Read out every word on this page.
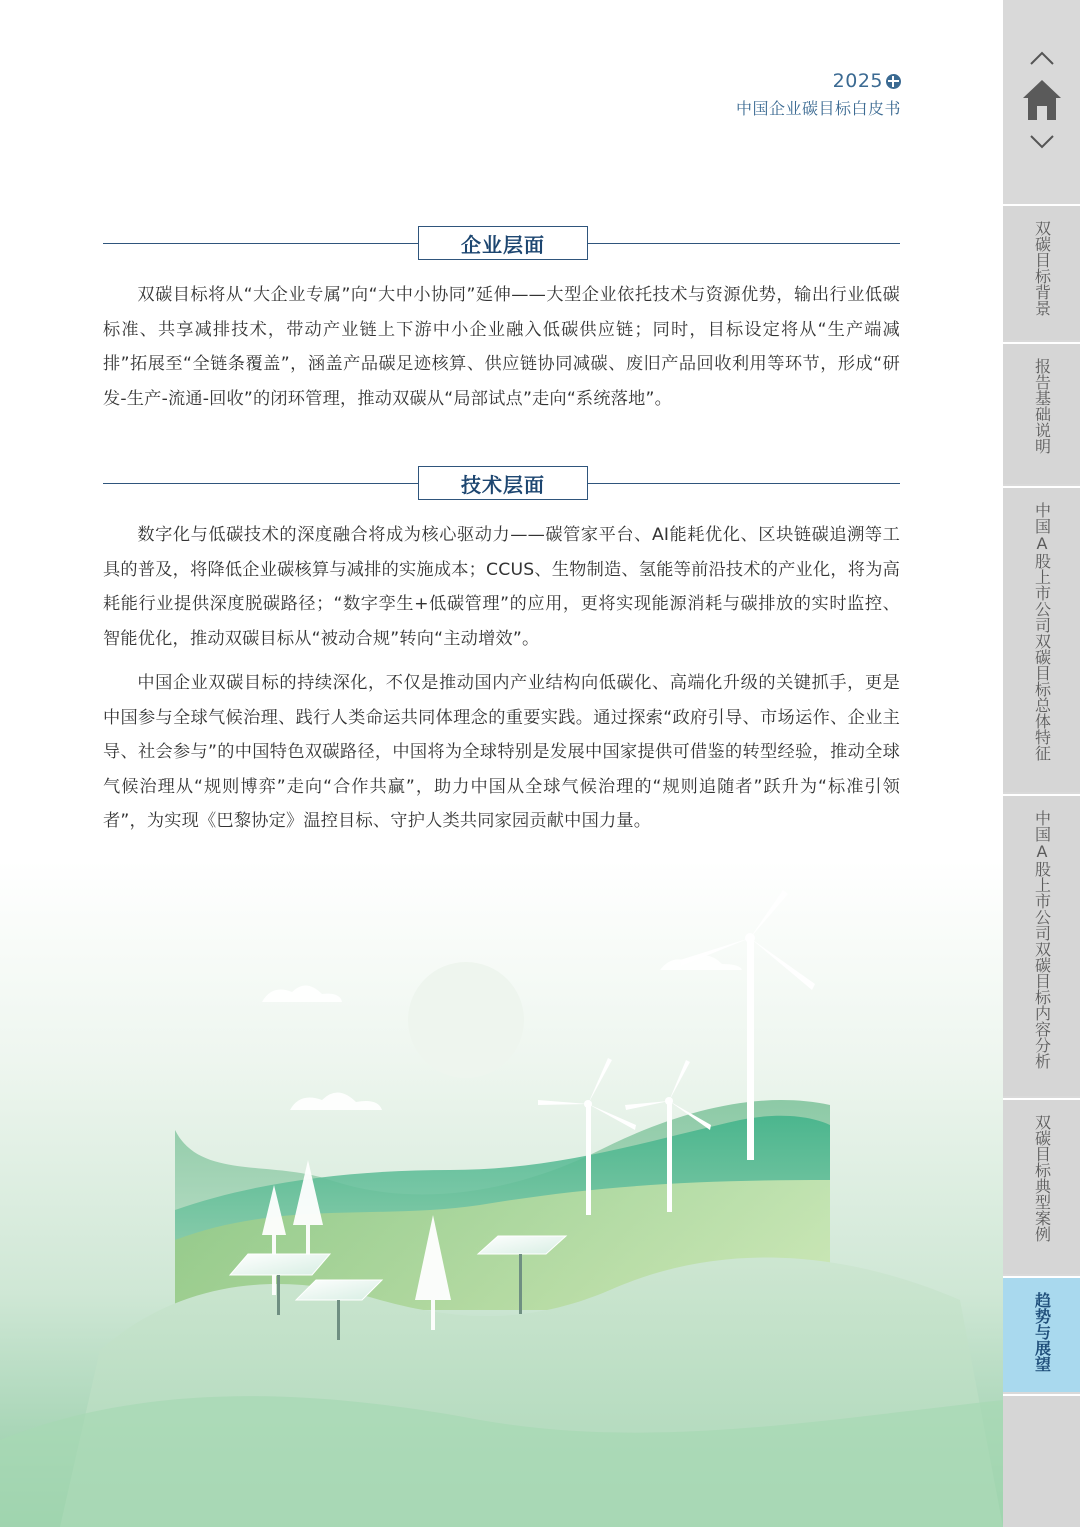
2025
中国企业碳目标白皮书
企业层面

双碳目标将从“大企业专属”向“大中小协同”延伸——大型企业依托技术与资源优势，输出行业低碳标准、共享减排技术，带动产业链上下游中小企业融入低碳供应链；同时，目标设定将从“生产端减排”拓展至“全链条覆盖”，涵盖产品碳足迹核算、供应链协同减碳、废旧产品回收利用等环节，形成“研发-生产-流通-回收”的闭环管理，推动双碳从“局部试点”走向“系统落地”。

技术层面

数字化与低碳技术的深度融合将成为核心驱动力——碳管家平台、AI能耗优化、区块链碳追溯等工具的普及，将降低企业碳核算与减排的实施成本；CCUS、生物制造、氢能等前沿技术的产业化，将为高耗能行业提供深度脱碳路径；“数字孪生+低碳管理”的应用，更将实现能源消耗与碳排放的实时监控、智能优化，推动双碳目标从“被动合规”转向“主动增效”。

中国企业双碳目标的持续深化，不仅是推动国内产业结构向低碳化、高端化升级的关键抓手，更是中国参与全球气候治理、践行人类命运共同体理念的重要实践。通过探索“政府引导、市场运作、企业主导、社会参与”的中国特色双碳路径，中国将为全球特别是发展中国家提供可借鉴的转型经验，推动全球气候治理从“规则博弈”走向“合作共赢”，助力中国从全球气候治理的“规则追随者”跃升为“标准引领者”，为实现《巴黎协定》温控目标、守护人类共同家园贡献中国力量。

双碳目标背景
报告基础说明
中国A股上市公司双碳目标总体特征
中国A股上市公司双碳目标内容分析
双碳目标典型案例
趋势与展望
